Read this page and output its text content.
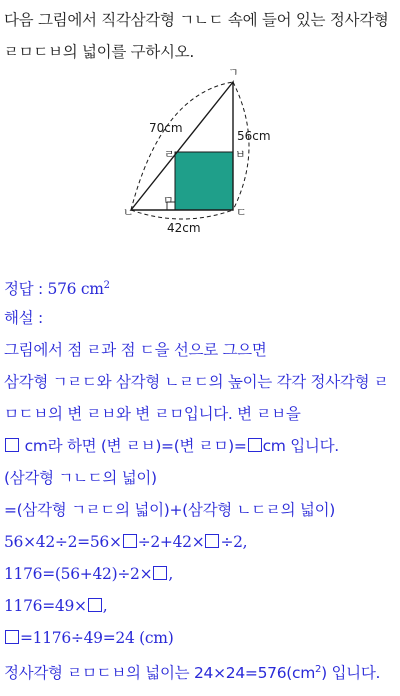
다음 그림에서 직각삼각형 ㄱㄴㄷ 속에 들어 있는 정사각형 ㄹㅁㄷㅂ의 넓이를 구하시오.
ㄱ
ㄴ	ㄷ
ㄹ
ㅁ
ㅂ
70cm
56cm
42cm
정답 : 576 $cm^2$
해설 :
그림에서 점 ㄹ과 점 ㄷ을 선으로 그으면
삼각형 ㄱㄹㄷ와 삼각형 ㄴㄹㄷ의 높이는 각각 정사각형 ㄹㅁㄷㅂ의 변 ㄹㅂ와 변 ㄹㅁ입니다. 변 ㄹㅂ을
cm라 하면 (변 ㄹㅂ)=(변 ㄹㅁ)= cm 입니다.
(삼각형 ㄱㄴㄷ의 넓이)
=(삼각형 ㄱㄹㄷ의 넓이)+(삼각형 ㄴㄷㄹ의 넓이)
56×42÷2=56× ÷2+42× ÷2,
1176=(56+42)÷2× ,
1176=49× ,
=1176÷49=24 (cm)
정사각형 ㄹㅁㄷㅂ의 넓이는 $24\times 24=576(cm^2)$ 입니다.
